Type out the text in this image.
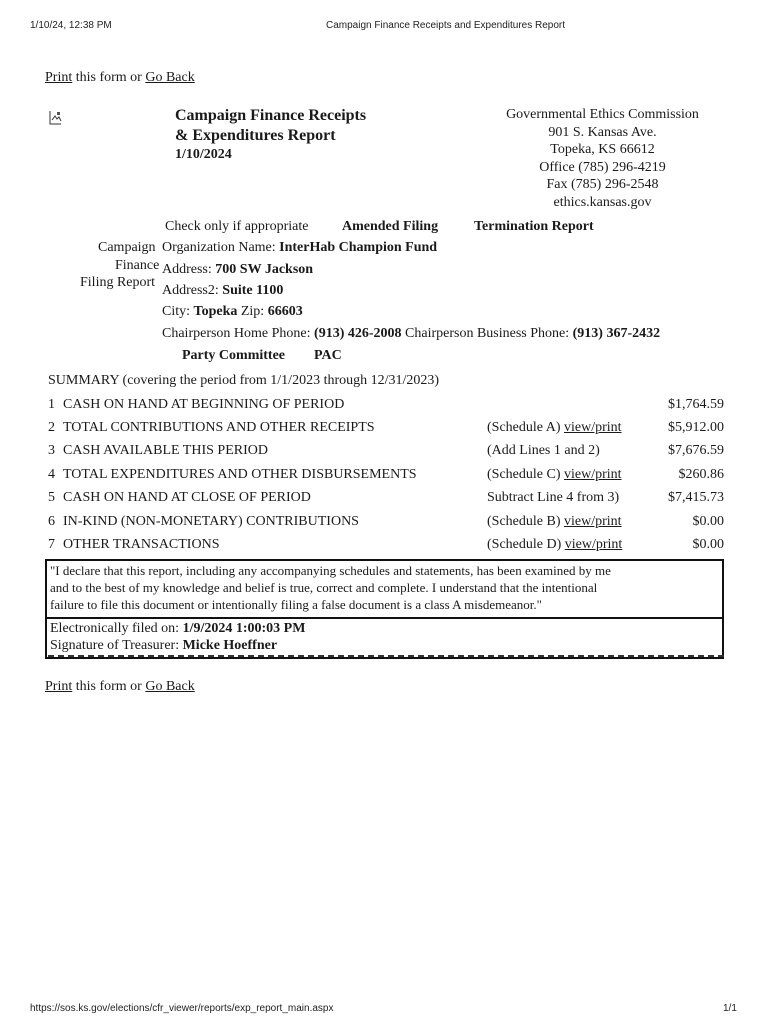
1/10/24, 12:38 PM	Campaign Finance Receipts and Expenditures Report
Print this form or Go Back
Campaign Finance Receipts
& Expenditures Report
1/10/2024
Governmental Ethics Commission
901 S. Kansas Ave.
Topeka, KS 66612
Office (785) 296-4219
Fax (785) 296-2548
ethics.kansas.gov
Check only if appropriate Amended Filing	Termination Report
Campaign
Finance
Filing Report
Organization Name: InterHab Champion Fund
Address: 700 SW Jackson
Address2: Suite 1100
City: Topeka Zip: 66603
Chairperson Home Phone: (913) 426-2008 Chairperson Business Phone: (913) 367-2432
Party Committee PAC
SUMMARY (covering the period from 1/1/2023 through 12/31/2023)
1 CASH ON HAND AT BEGINNING OF PERIOD	$1,764.59
2 TOTAL CONTRIBUTIONS AND OTHER RECEIPTS	(Schedule A) view/print	$5,912.00
3 CASH AVAILABLE THIS PERIOD	(Add Lines 1 and 2)	$7,676.59
4 TOTAL EXPENDITURES AND OTHER DISBURSEMENTS	(Schedule C) view/print	$260.86
5 CASH ON HAND AT CLOSE OF PERIOD	Subtract Line 4 from 3)	$7,415.73
6 IN-KIND (NON-MONETARY) CONTRIBUTIONS	(Schedule B) view/print	$0.00
7 OTHER TRANSACTIONS	(Schedule D) view/print	$0.00
"I declare that this report, including any accompanying schedules and statements, has been examined by me
and to the best of my knowledge and belief is true, correct and complete. I understand that the intentional
failure to file this document or intentionally filing a false document is a class A misdemeanor."
Electronically filed on: 1/9/2024 1:00:03 PM
Signature of Treasurer: Micke Hoeffner
Print this form or Go Back
https://sos.ks.gov/elections/cfr_viewer/reports/exp_report_main.aspx	1/1
